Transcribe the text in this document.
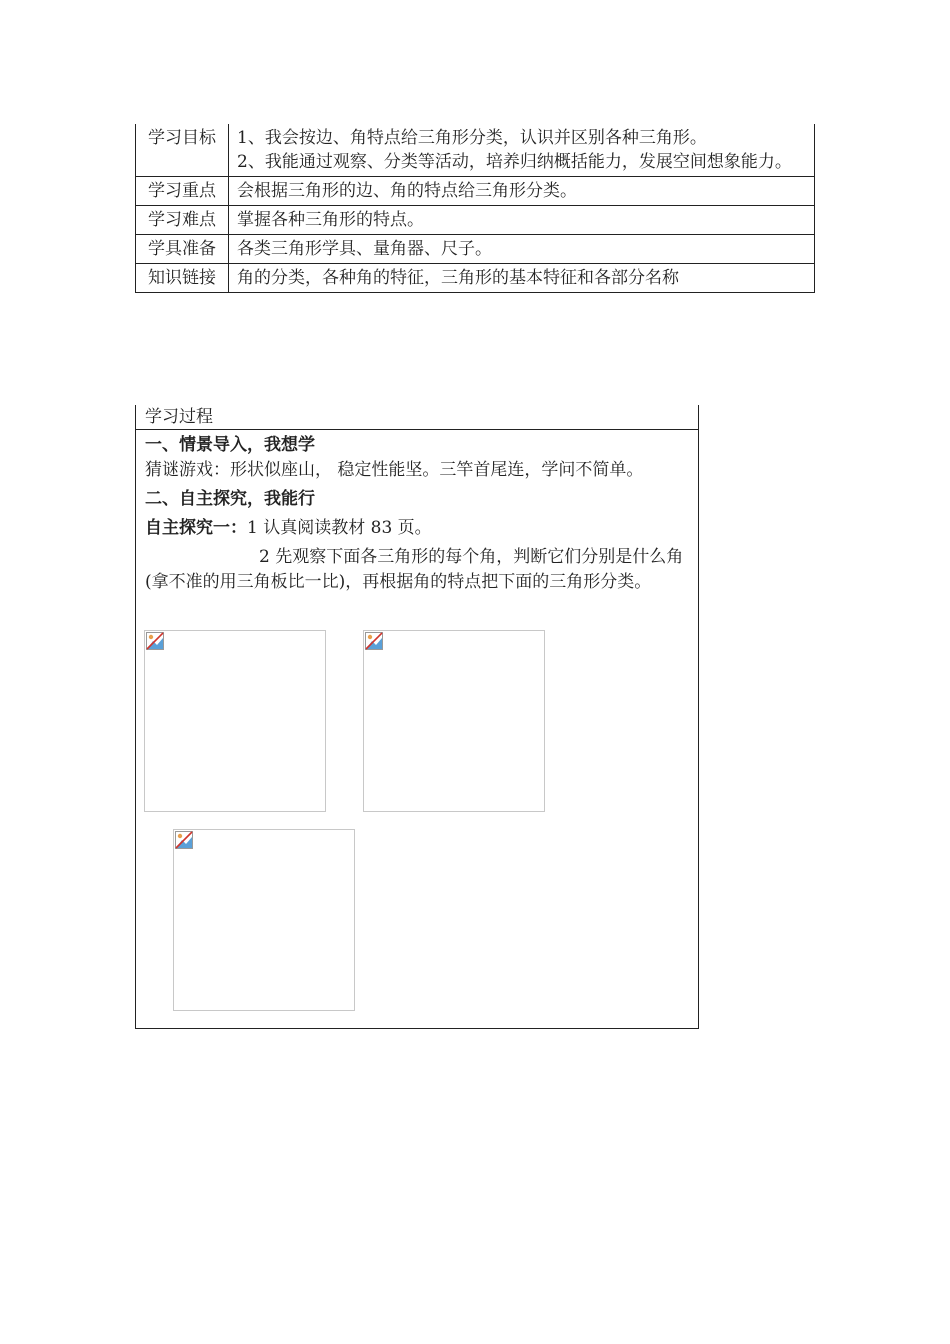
学习目标	1、我会按边、角特点给三角形分类，认识并区别各种三角形。
2、我能通过观察、分类等活动，培养归纳概括能力，发展空间想象能力。

学习重点	会根据三角形的边、角的特点给三角形分类。

学习难点	掌握各种三角形的特点。

学具准备	各类三角形学具、量角器、尺子。

知识链接	角的分类，各种角的特征，三角形的基本特征和各部分名称
学习过程

一、情景导入，我想学

猜谜游戏：形状似座山， 稳定性能坚。三竿首尾连，学问不简单。

二、自主探究，我能行

自主探究一：1 认真阅读教材 83 页。

2 先观察下面各三角形的每个角，判断它们分别是什么角(拿不准的用三角板比一比)，再根据角的特点把下面的三角形分类。
